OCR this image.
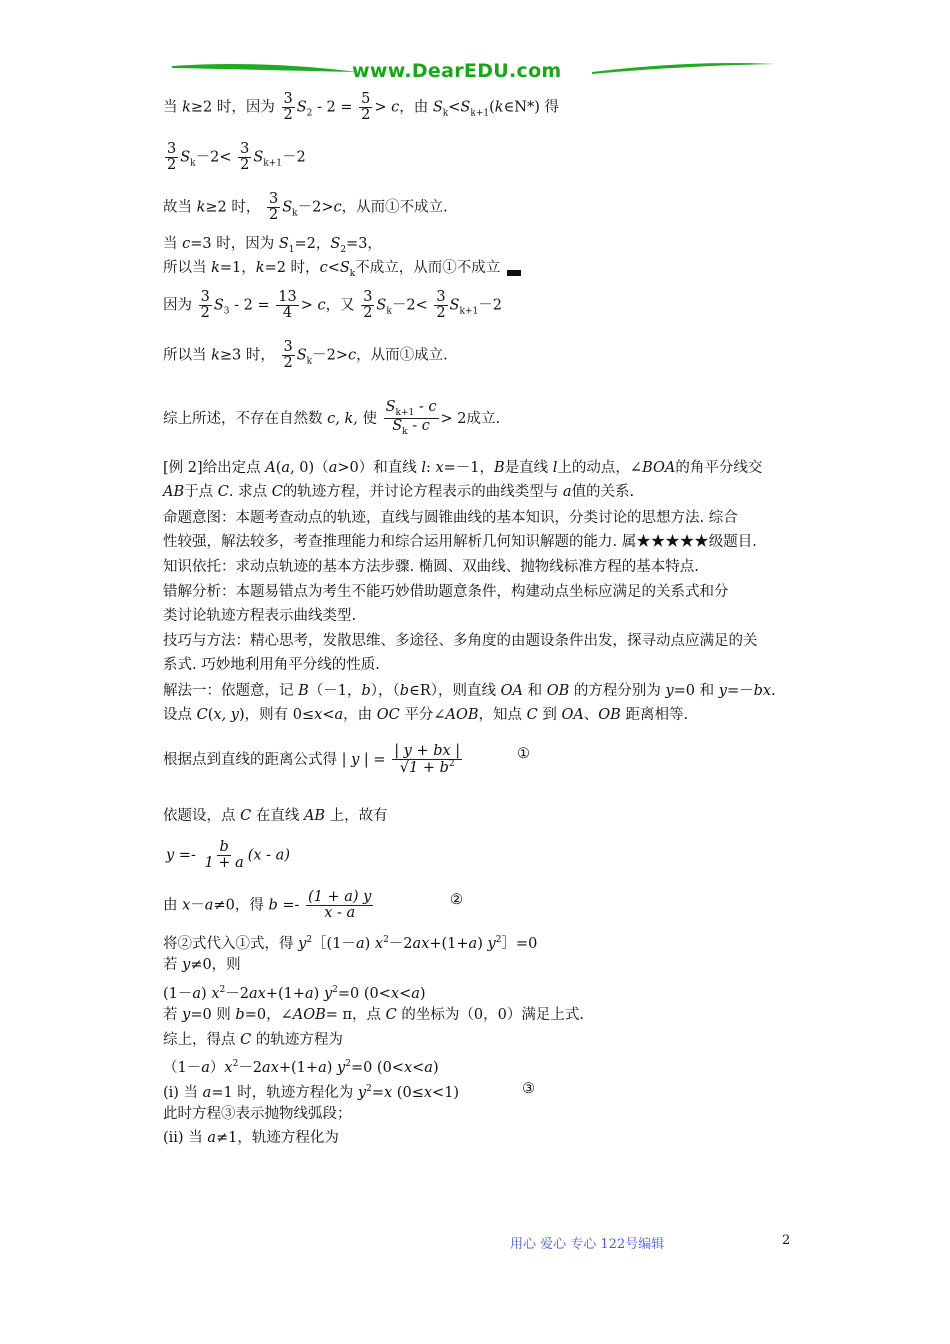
www.DearEDU.com
当 k≥2 时，因为 $\frac{3}{2} S_2 - 2 = \frac{5}{2} > c$，由 $S_k<S_{k+1}(k\in N*)$ 得
$\frac{3}{2} S_k-2< \frac{3}{2} S_{k+1}-2$
故当 k≥2 时， $\frac{3}{2} S_k-2>c$，从而①不成立.
当 c=3 时，因为 $S_1=2$，$S_2=3$，
所以当 k=1，k=2 时，$c<S_k$不成立，从而①不成立
因为 $\frac{3}{2} S_3 - 2 = \frac{13}{4} > c$，又 $\frac{3}{2} S_k-2< \frac{3}{2} S_{k+1}-2$
所以当 k≥3 时， $\frac{3}{2} S_k-2>c$，从而①成立.
综上所述，不存在自然数 c, k, 使 $\frac{S_{k+1} - c}{S_k - c} > 2$成立.
[例 2]给出定点 A(a, 0)（a>0）和直线 l: x=－1，B是直线 l上的动点，∠BOA的角平分线交
AB于点 C. 求点 C的轨迹方程，并讨论方程表示的曲线类型与 a值的关系.
命题意图：本题考查动点的轨迹，直线与圆锥曲线的基本知识，分类讨论的思想方法. 综合
性较强，解法较多，考查推理能力和综合运用解析几何知识解题的能力. 属★★★★★级题目.
知识依托：求动点轨迹的基本方法步骤. 椭圆、双曲线、抛物线标准方程的基本特点.
错解分析：本题易错点为考生不能巧妙借助题意条件，构建动点坐标应满足的关系式和分
类讨论轨迹方程表示曲线类型.
技巧与方法：精心思考，发散思维、多途径、多角度的由题设条件出发，探寻动点应满足的关
系式. 巧妙地利用角平分线的性质.
解法一：依题意，记 B（－1，b），（b∈R），则直线 OA 和 OB 的方程分别为 y=0 和 y=－bx.
设点 C(x, y)，则有 0≤x<a，由 OC 平分∠AOB，知点 C 到 OA、OB 距离相等.
根据点到直线的距离公式得 | y | = $\frac{| y + bx |}{√1 + b^2}$	①
依题设，点 C 在直线 AB 上，故有
$y =- \frac{b}{1 + a} (x - a)$
由 x－a≠0，得 $b =- \frac{(1 + a) y}{x - a}$	②
将②式代入①式，得 $y^2[(1-a)$ $x^2-2ax+(1+a)$ $y^2]=0$
若 y≠0，则
(1－a) $x^2-2ax+(1+a)$ $y^2=0$ (0<x<a)
若 y=0 则 b=0，∠AOB= π，点 C 的坐标为（0，0）满足上式.
综上，得点 C 的轨迹方程为
$(1-a)x^2-2ax+(1+a)$ $y^2=0$ (0<x<a)
(i) 当 a=1 时，轨迹方程化为 $y^2=x$ (0≤x<1)	③
此时方程③表示抛物线弧段；
(ii) 当 a≠1，轨迹方程化为
用心 爱心 专心 122号编辑	2
